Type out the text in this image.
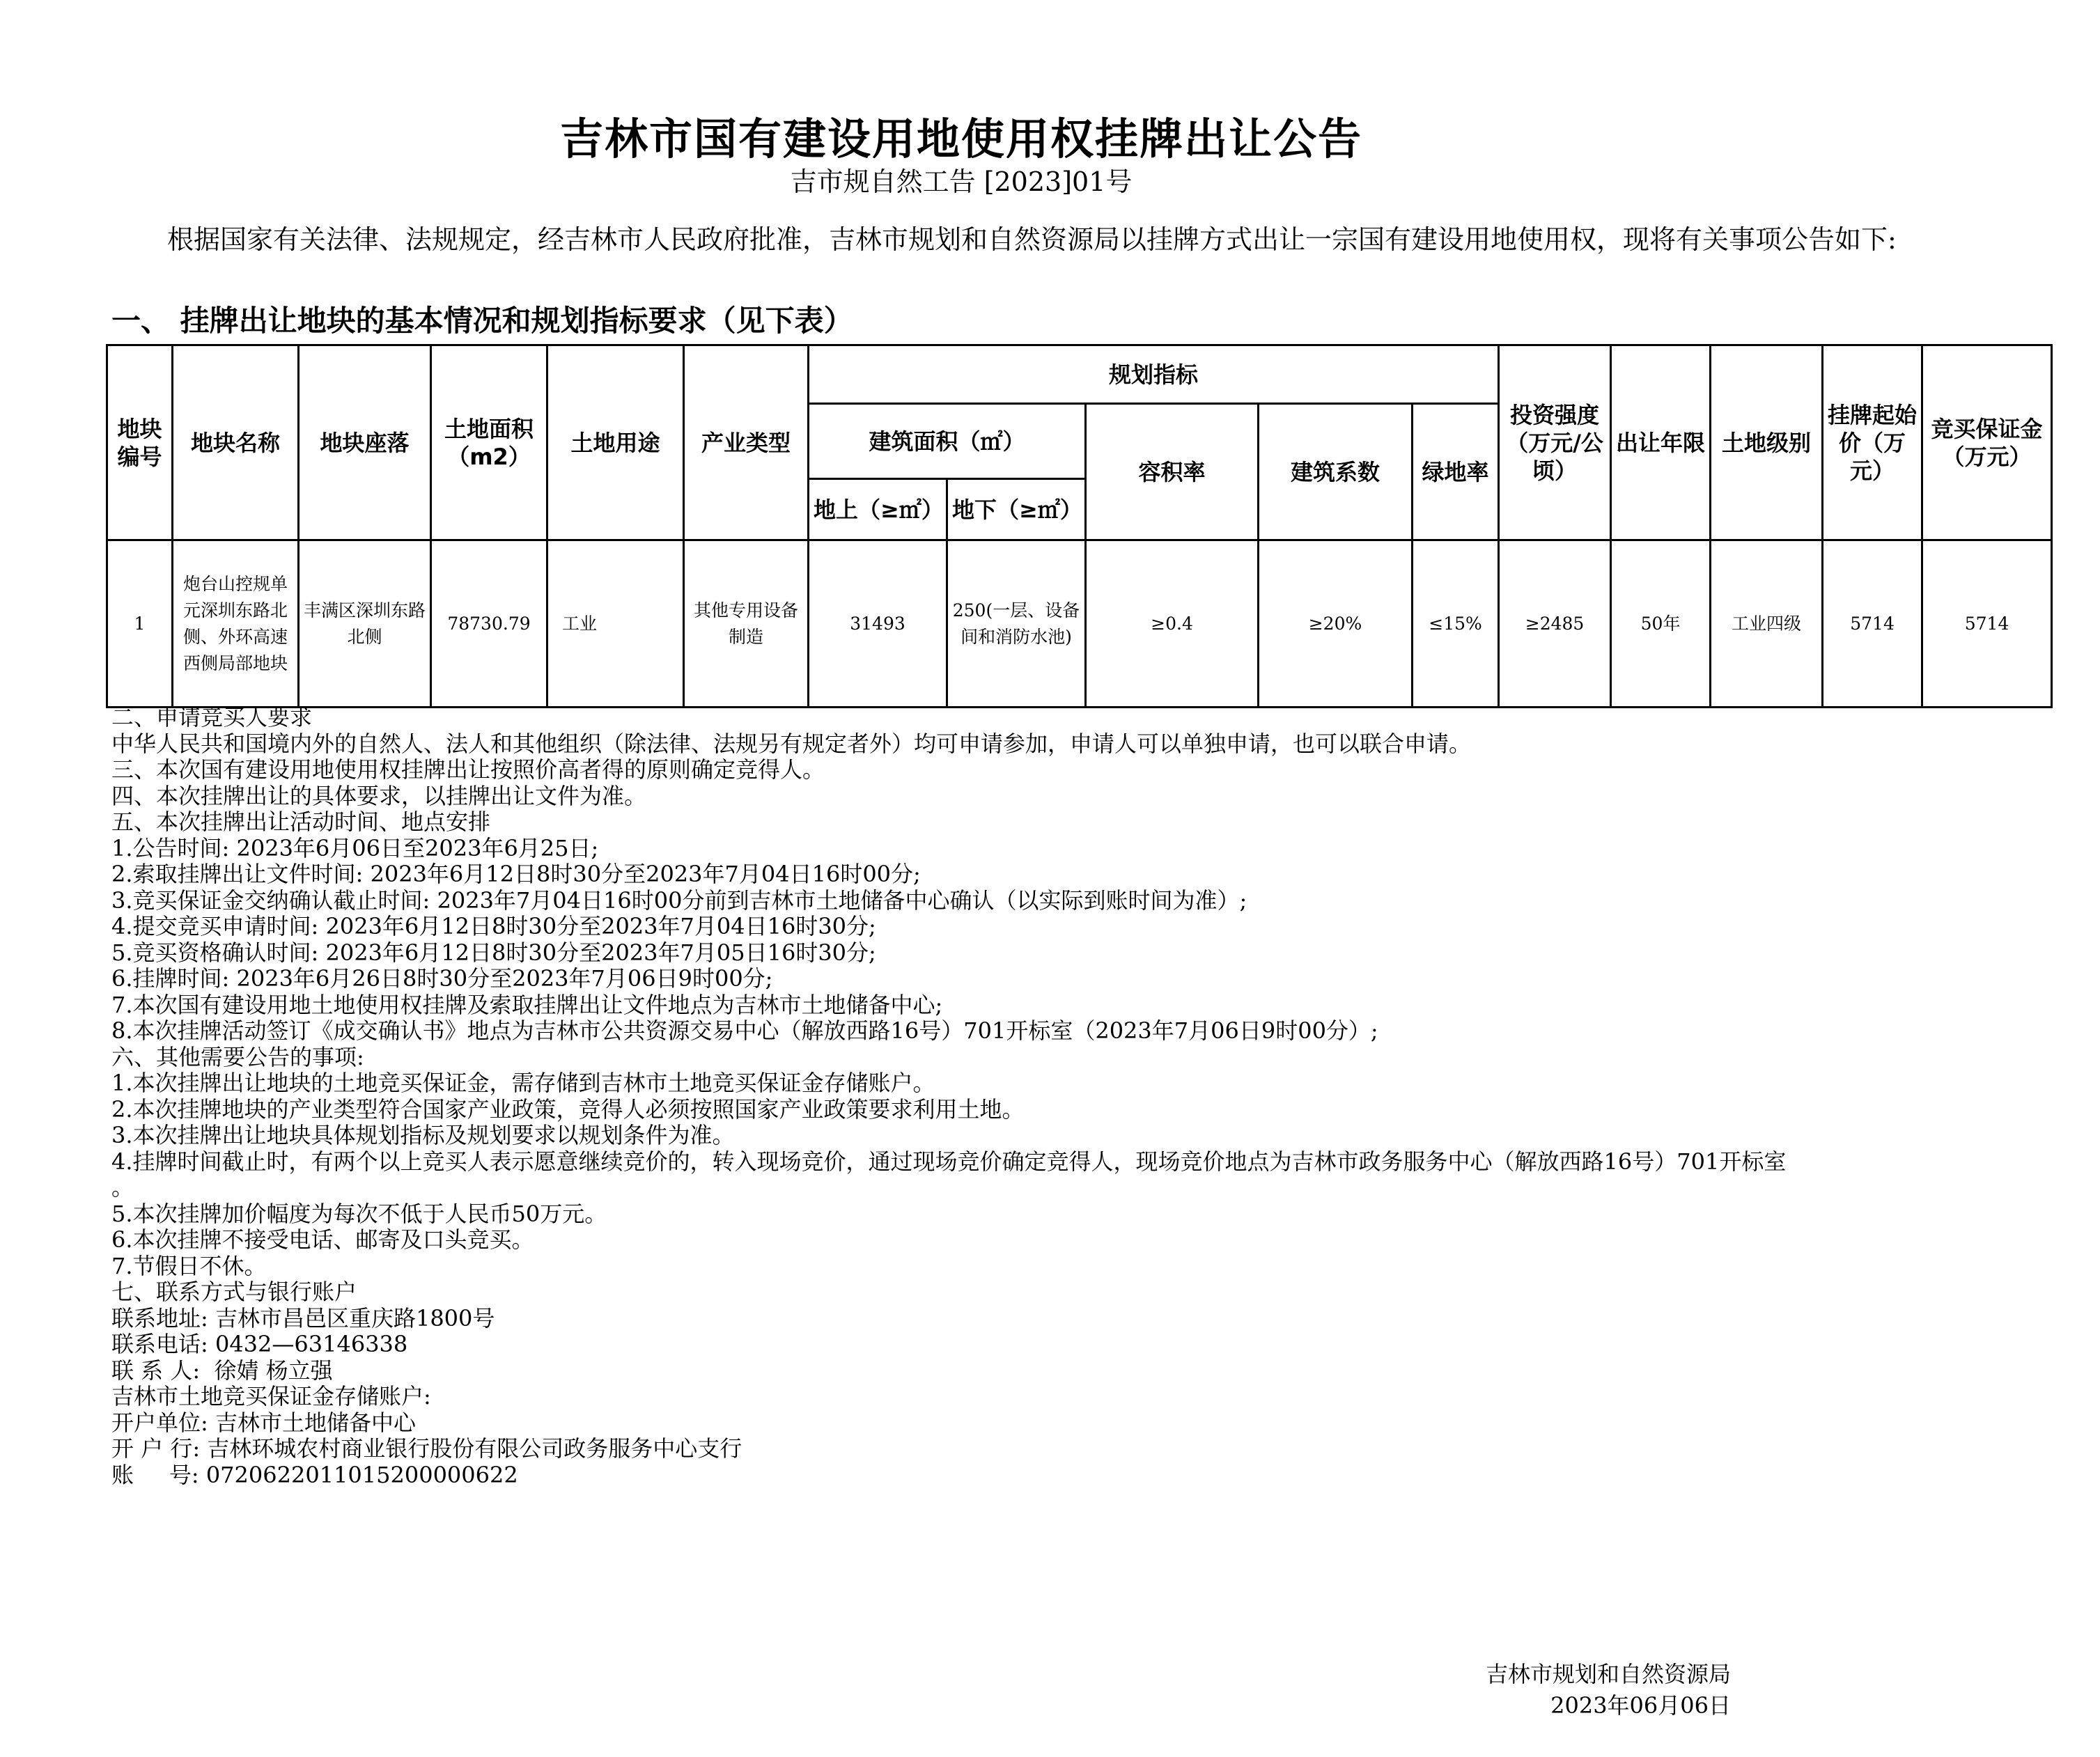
吉林市国有建设用地使用权挂牌出让公告
吉市规自然工告 [2023]01号
根据国家有关法律、法规规定，经吉林市人民政府批准，吉林市规划和自然资源局以挂牌方式出让一宗国有建设用地使用权，现将有关事项公告如下:
一、 挂牌出让地块的基本情况和规划指标要求（见下表）
地块编号	地块名称	地块座落	土地面积（m2）	土地用途	产业类型	规划指标					投资强度（万元/公顷）	出让年限	土地级别	挂牌起始价（万元）	竞买保证金（万元）
						建筑面积（㎡）		容积率	建筑系数	绿地率					
						地上（≥㎡）	地下（≥㎡）								
1	炮台山控规单元深圳东路北侧、外环高速西侧局部地块	丰满区深圳东路北侧	78730.79	工业	其他专用设备制造	31493	250(一层、设备间和消防水池)	≥0.4	≥20%	≤15%	≥2485	50年	工业四级	5714	5714
二、申请竞买人要求
中华人民共和国境内外的自然人、法人和其他组织（除法律、法规另有规定者外）均可申请参加，申请人可以单独申请，也可以联合申请。
三、本次国有建设用地使用权挂牌出让按照价高者得的原则确定竞得人。
四、本次挂牌出让的具体要求，以挂牌出让文件为准。
五、本次挂牌出让活动时间、地点安排
1.公告时间: 2023年6月06日至2023年6月25日;
2.索取挂牌出让文件时间: 2023年6月12日8时30分至2023年7月04日16时00分;
3.竞买保证金交纳确认截止时间: 2023年7月04日16时00分前到吉林市土地储备中心确认（以实际到账时间为准）;
4.提交竞买申请时间: 2023年6月12日8时30分至2023年7月04日16时30分;
5.竞买资格确认时间: 2023年6月12日8时30分至2023年7月05日16时30分;
6.挂牌时间: 2023年6月26日8时30分至2023年7月06日9时00分;
7.本次国有建设用地土地使用权挂牌及索取挂牌出让文件地点为吉林市土地储备中心;
8.本次挂牌活动签订《成交确认书》地点为吉林市公共资源交易中心（解放西路16号）701开标室（2023年7月06日9时00分）;
六、其他需要公告的事项:
1.本次挂牌出让地块的土地竞买保证金，需存储到吉林市土地竞买保证金存储账户。
2.本次挂牌地块的产业类型符合国家产业政策，竞得人必须按照国家产业政策要求利用土地。
3.本次挂牌出让地块具体规划指标及规划要求以规划条件为准。
4.挂牌时间截止时，有两个以上竞买人表示愿意继续竞价的，转入现场竞价，通过现场竞价确定竞得人，现场竞价地点为吉林市政务服务中心（解放西路16号）701开标室
。
5.本次挂牌加价幅度为每次不低于人民币50万元。
6.本次挂牌不接受电话、邮寄及口头竞买。
7.节假日不休。
七、联系方式与银行账户
联系地址: 吉林市昌邑区重庆路1800号
联系电话: 0432—63146338
联 系 人:  徐婧 杨立强
吉林市土地竞买保证金存储账户:
开户单位: 吉林市土地储备中心
开 户 行: 吉林环城农村商业银行股份有限公司政务服务中心支行
账     号: 0720622011015200000622
吉林市规划和自然资源局
2023年06月06日
